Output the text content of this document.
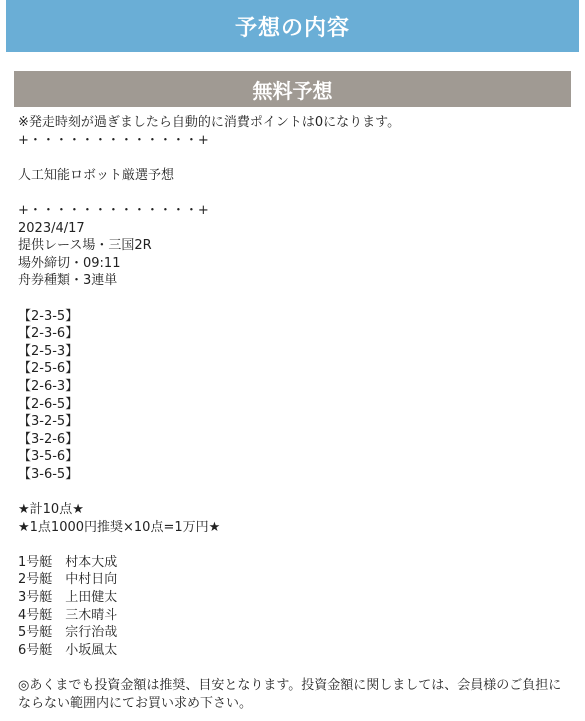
予想の内容
無料予想
※発走時刻が過ぎましたら自動的に消費ポイントは0になります。
+・・・・・・・・・・・・・+
人工知能ロボット厳選予想
+・・・・・・・・・・・・・+
2023/4/17
提供レース場・三国2R
場外締切・09:11
舟券種類・3連単
【2-3-5】
【2-3-6】
【2-5-3】
【2-5-6】
【2-6-3】
【2-6-5】
【3-2-5】
【3-2-6】
【3-5-6】
【3-6-5】
★計10点★
★1点1000円推奨×10点=1万円★
1号艇　村本大成
2号艇　中村日向
3号艇　上田健太
4号艇　三木晴斗
5号艇　宗行治哉
6号艇　小坂風太
◎あくまでも投資金額は推奨、目安となります。投資金額に関しましては、会員様のご負担にならない範囲内にてお買い求め下さい。
